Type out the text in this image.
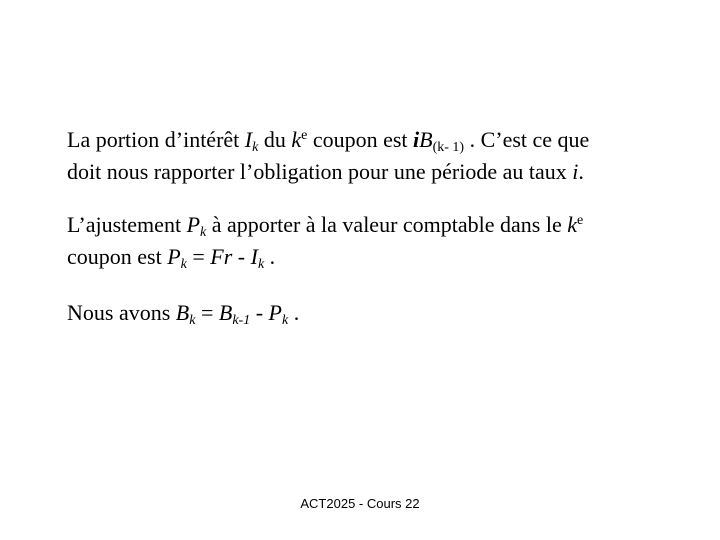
La portion d’intérêt $I_k$ du $k^e$ coupon est $iB_{(k- 1)}$ . C’est ce que
doit nous rapporter l’obligation pour une période au taux i.
L’ajustement $P_k$ à apporter à la valeur comptable dans le $k^e$
coupon est $P_k = Fr - I_k$ .
Nous avons $B_k = B_{k-1} - P_k$ .
ACT2025 - Cours 22
